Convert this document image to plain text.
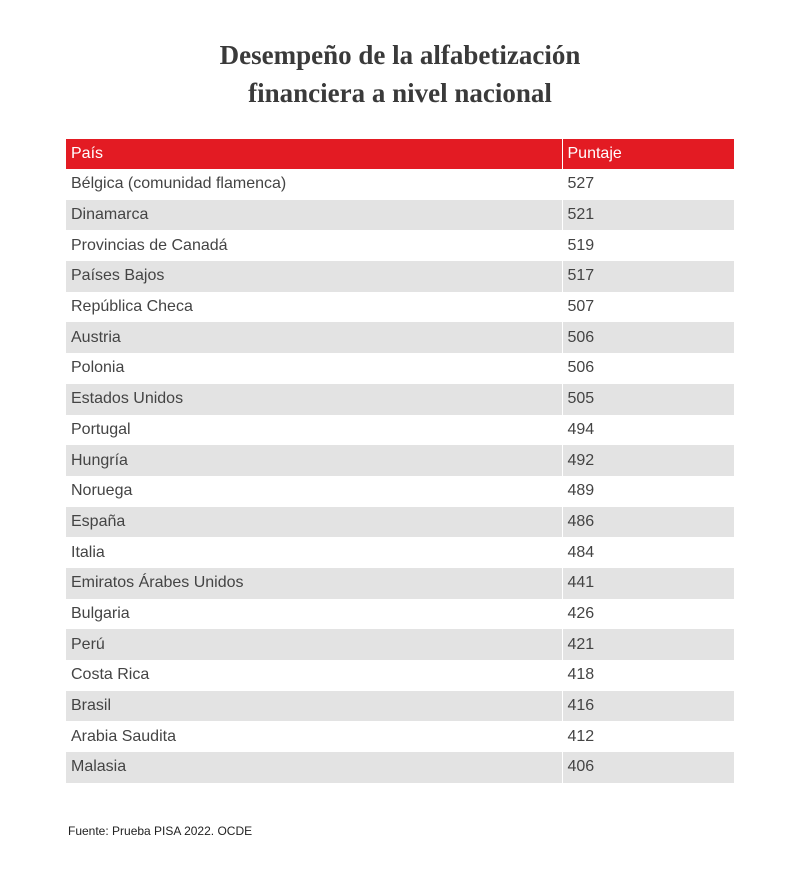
Desempeño de la alfabetización
financiera a nivel nacional
País	Puntaje
Bélgica (comunidad flamenca)	527
Dinamarca	521
Provincias de Canadá	519
Países Bajos	517
República Checa	507
Austria	506
Polonia	506
Estados Unidos	505
Portugal	494
Hungría	492
Noruega	489
España	486
Italia	484
Emiratos Árabes Unidos	441
Bulgaria	426
Perú	421
Costa Rica	418
Brasil	416
Arabia Saudita	412
Malasia	406
Fuente: Prueba PISA 2022. OCDE
